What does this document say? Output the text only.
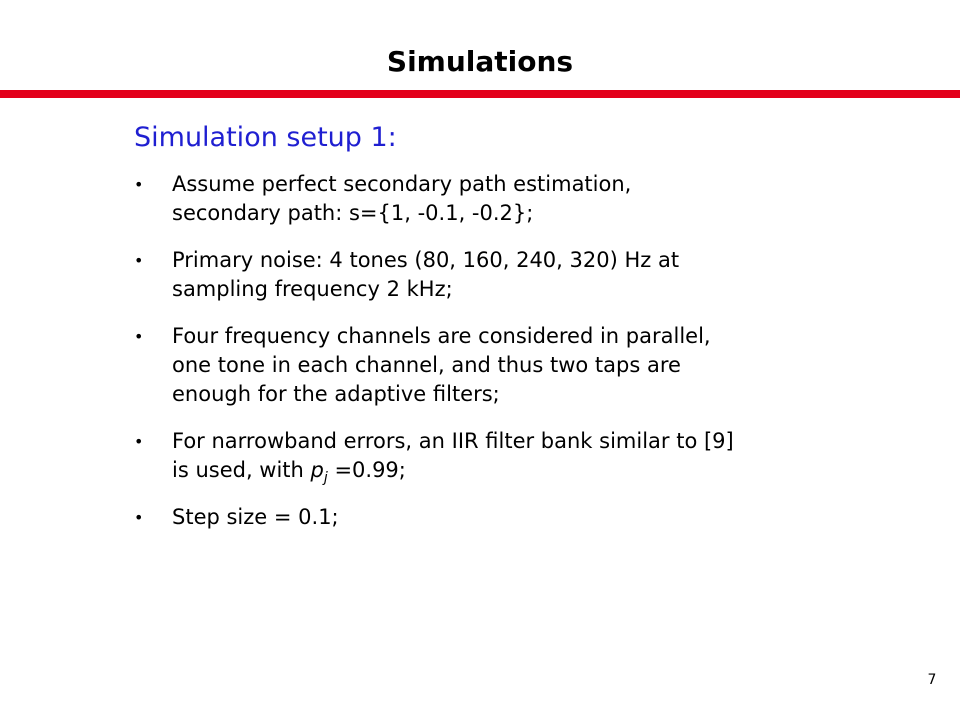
Simulations
Simulation setup 1:
• Assume perfect secondary path estimation,
secondary path: s={1, -0.1, -0.2};
• Primary noise: 4 tones (80, 160, 240, 320) Hz at
sampling frequency 2 kHz;
• Four frequency channels are considered in parallel,
one tone in each channel, and thus two taps are
enough for the adaptive filters;
• For narrowband errors, an IIR filter bank similar to [9]
is used, with $p_j =0.99$;
• Step size = 0.1;
7
